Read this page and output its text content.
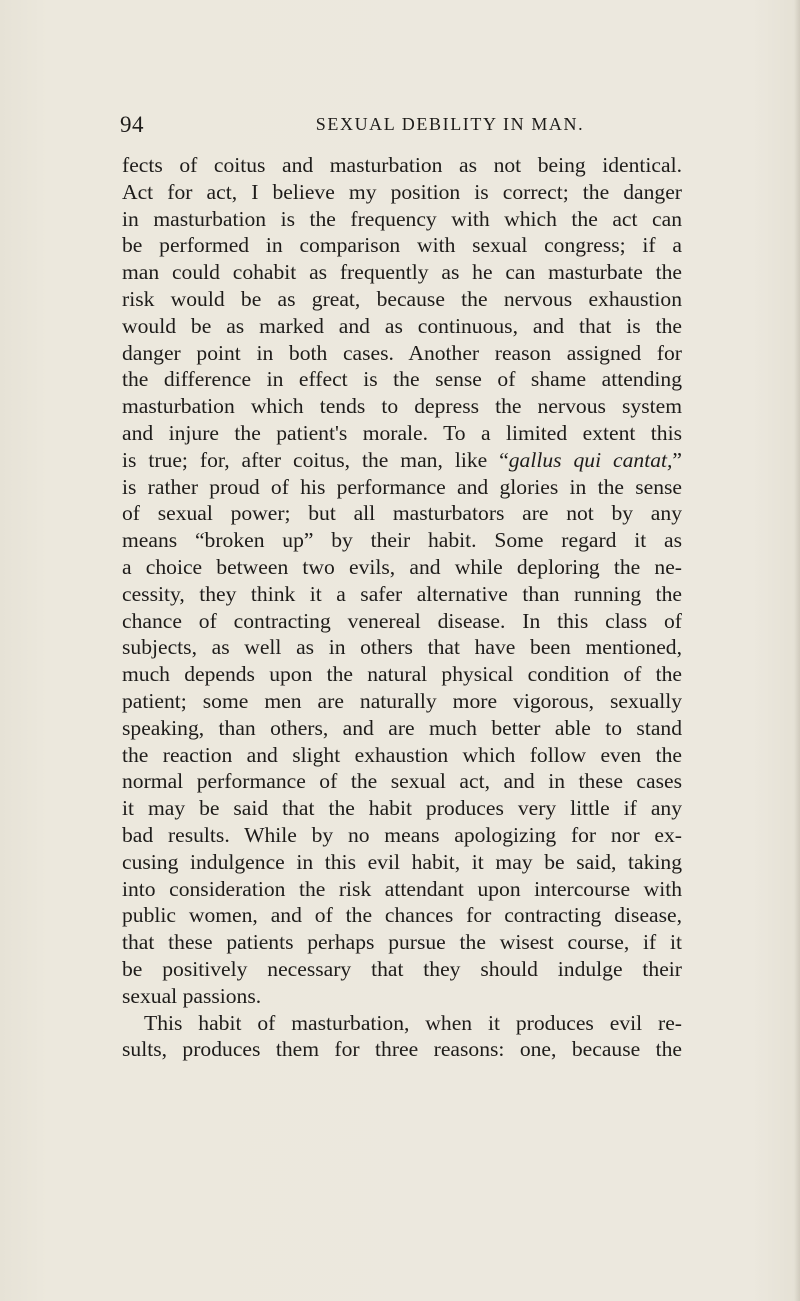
94	SEXUAL DEBILITY IN MAN.
fects of coitus and masturbation as not being identical.
Act for act, I believe my position is correct; the danger
in masturbation is the frequency with which the act can
be performed in comparison with sexual congress; if a
man could cohabit as frequently as he can masturbate the
risk would be as great, because the nervous exhaustion
would be as marked and as continuous, and that is the
danger point in both cases. Another reason assigned for
the difference in effect is the sense of shame attending
masturbation which tends to depress the nervous system
and injure the patient's morale. To a limited extent this
is true; for, after coitus, the man, like “gallus qui cantat,”
is rather proud of his performance and glories in the sense
of sexual power; but all masturbators are not by any
means “broken up” by their habit. Some regard it as
a choice between two evils, and while deploring the ne-
cessity, they think it a safer alternative than running the
chance of contracting venereal disease. In this class of
subjects, as well as in others that have been mentioned,
much depends upon the natural physical condition of the
patient; some men are naturally more vigorous, sexually
speaking, than others, and are much better able to stand
the reaction and slight exhaustion which follow even the
normal performance of the sexual act, and in these cases
it may be said that the habit produces very little if any
bad results. While by no means apologizing for nor ex-
cusing indulgence in this evil habit, it may be said, taking
into consideration the risk attendant upon intercourse with
public women, and of the chances for contracting disease,
that these patients perhaps pursue the wisest course, if it
be positively necessary that they should indulge their
sexual passions.
This habit of masturbation, when it produces evil re-
sults, produces them for three reasons: one, because the
